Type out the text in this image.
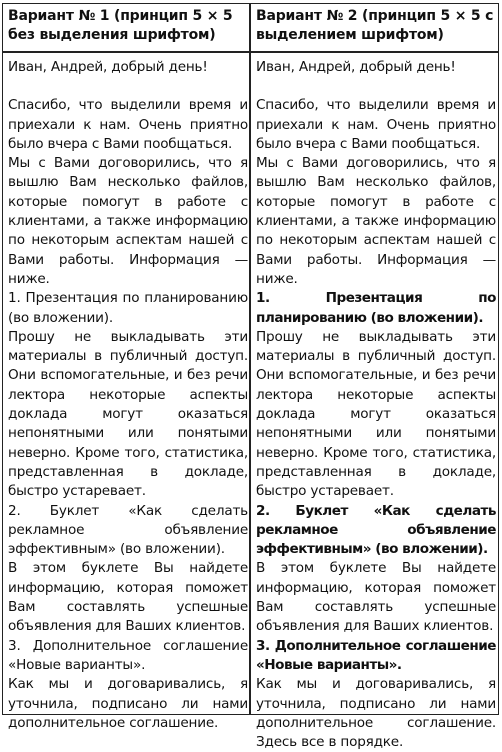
Вариант № 1 (принцип 5 × 5 без выделения шрифтом)
Иван, Андрей, добрый день!
Спасибо, что выделили время и приехали к нам. Очень приятно было вчера с Вами пообщаться.
Мы с Вами договорились, что я вышлю Вам несколько файлов, которые помогут в работе с клиентами, а также информацию по некоторым аспектам нашей с Вами работы. Информация — ниже.
1. Презентация по планированию (во вложении).
Прошу не выкладывать эти материалы в публичный доступ. Они вспомогательные, и без речи лектора некоторые аспекты доклада могут оказаться непонятными или понятыми неверно. Кроме того, статистика, представленная в докладе, быстро устаревает.
2. Буклет «Как сделать рекламное объявление эффективным» (во вложении).
В этом буклете Вы найдете информацию, которая поможет Вам составлять успешные объявления для Ваших клиентов.
3. Дополнительное соглашение «Новые варианты».
Как мы и договаривались, я уточнила, подписано ли нами дополнительное соглашение.
Вариант № 2 (принцип 5 × 5 с выделением шрифтом)
Иван, Андрей, добрый день!
Спасибо, что выделили время и приехали к нам. Очень приятно было вчера с Вами пообщаться.
Мы с Вами договорились, что я вышлю Вам несколько файлов, которые помогут в работе с клиентами, а также информацию по некоторым аспектам нашей с Вами работы. Информация — ниже.
1. Презентация по планированию (во вложении).
Прошу не выкладывать эти материалы в публичный доступ. Они вспомогательные, и без речи лектора некоторые аспекты доклада могут оказаться непонятными или понятыми неверно. Кроме того, статистика, представленная в докладе, быстро устаревает.
2. Буклет «Как сделать рекламное объявление эффективным» (во вложении).
В этом буклете Вы найдете информацию, которая поможет Вам составлять успешные объявления для Ваших клиентов.
3. Дополнительное соглашение «Новые варианты».
Как мы и договаривались, я уточнила, подписано ли нами дополнительное соглашение. Здесь все в порядке.
